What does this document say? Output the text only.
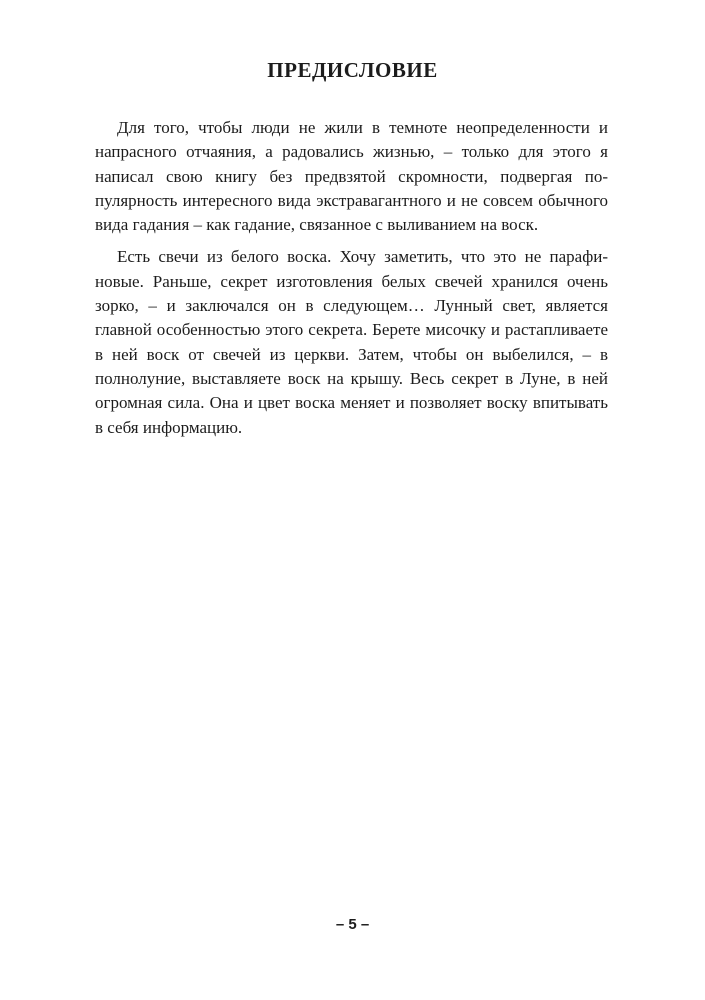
ПРЕДИСЛОВИЕ

Для того, чтобы люди не жили в темноте неопределенности и напрасного отчаяния, а радовались жизнью, – только для этого я написал свою книгу без предвзятой скромности, подвергая популярность интересного вида экстравагантного и не совсем обычного вида гадания – как гадание, связанное с выливанием на воск.

Есть свечи из белого воска. Хочу заметить, что это не парафиновые. Раньше, секрет изготовления белых свечей хранился очень зорко, – и заключался он в следующем… Лунный свет, является главной особенностью этого секрета. Берете мисочку и растапливаете в ней воск от свечей из церкви. Затем, чтобы он выбелился, – в полнолуние, выставляете воск на крышу. Весь секрет в Луне, в ней огромная сила. Она и цвет воска меняет и позволяет воску впитывать в себя информацию.

– 5 –
